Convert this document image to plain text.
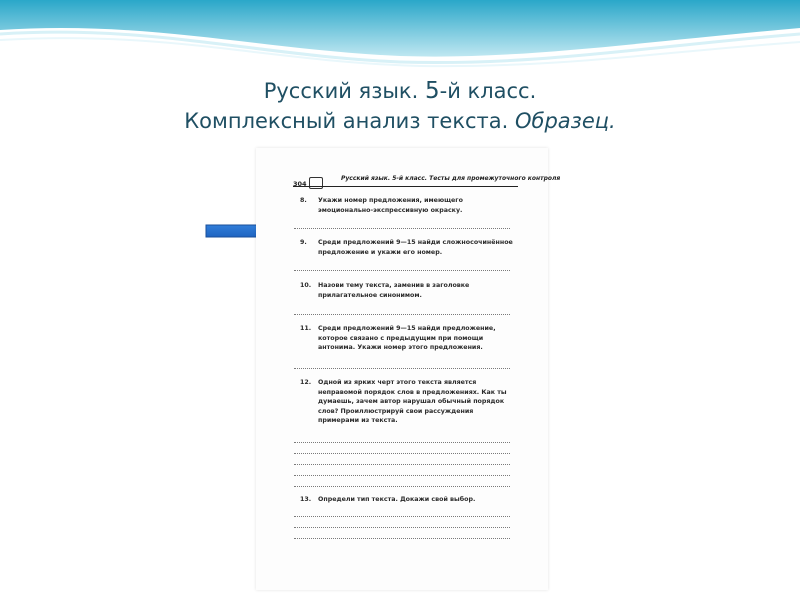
Русский язык. 5-й класс.
Комплексный анализ текста. Образец.
304
Русский язык. 5-й класс. Тесты для промежуточного контроля
8. Укажи номер предложения, имеющего эмоционально-экспрессивную окраску.
9. Среди предложений 9—15 найди сложносочинённое предложение и укажи его номер.
10. Назови тему текста, заменив в заголовке прилагательное синонимом.
11. Среди предложений 9—15 найди предложение, которое связано с предыдущим при помощи антонима. Укажи номер этого предложения.
12. Одной из ярких черт этого текста является неправомой порядок слов в предложениях. Как ты думаешь, зачем автор нарушал обычный порядок слов? Проиллюстрируй свои рассуждения примерами из текста.
13. Определи тип текста. Докажи свой выбор.
